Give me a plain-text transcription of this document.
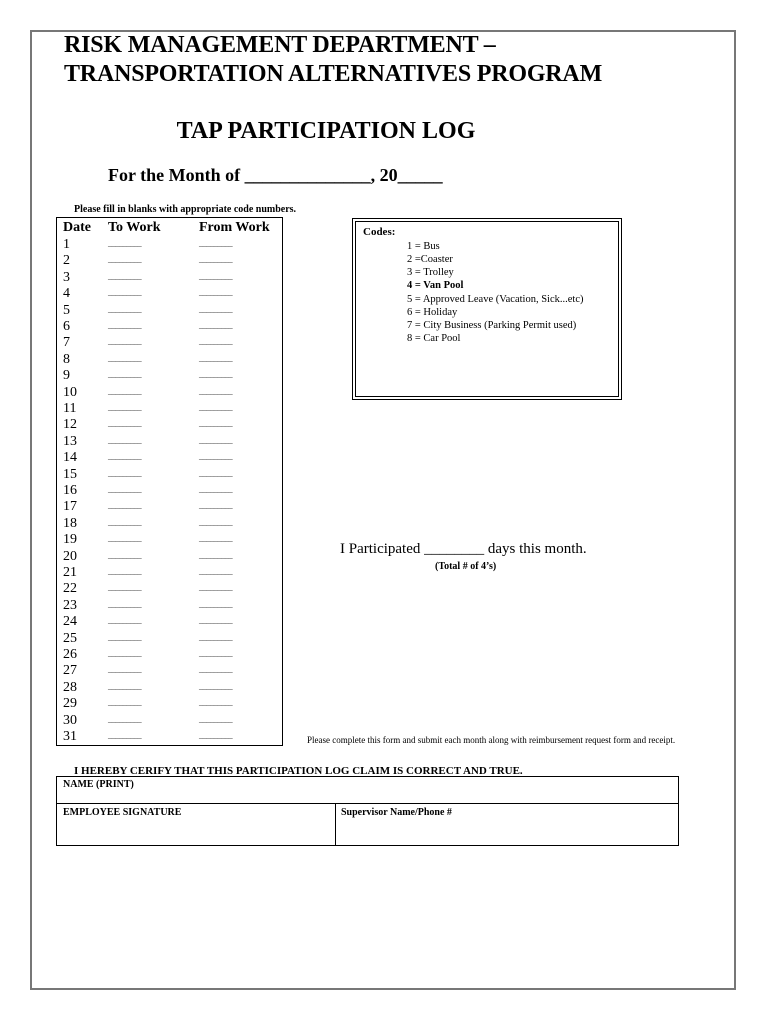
RISK MANAGEMENT DEPARTMENT –
TRANSPORTATION ALTERNATIVES PROGRAM
TAP PARTICIPATION LOG
For the Month of ______________, 20_____
Please fill in blanks with appropriate code numbers.
Date To Work	From Work
1	_________	_________
2	_________	_________
3	_________	_________
4	_________	_________
5	_________	_________
6	_________	_________
7	_________	_________
8	_________	_________
9	_________	_________
10	_________	_________
11	_________	_________
12	_________	_________
13	_________	_________
14	_________	_________
15	_________	_________
16	_________	_________
17	_________	_________
18	_________	_________
19	_________	_________
20	_________	_________
21	_________	_________
22	_________	_________
23	_________	_________
24	_________	_________
25	_________	_________
26	_________	_________
27	_________	_________
28	_________	_________
29	_________	_________
30	_________	_________
31	_________	_________
Codes:
1 = Bus
2 =Coaster
3 = Trolley
4 = Van Pool
5 = Approved Leave (Vacation, Sick...etc)
6 = Holiday
7 = City Business (Parking Permit used)
8 = Car Pool
I Participated ________ days this month.
(Total # of 4’s)
Please complete this form and submit each month along with reimbursement request form and receipt.
I HEREBY CERIFY THAT THIS PARTICIPATION LOG CLAIM IS CORRECT AND TRUE.
NAME (PRINT)
EMPLOYEE SIGNATURE	Supervisor Name/Phone #
